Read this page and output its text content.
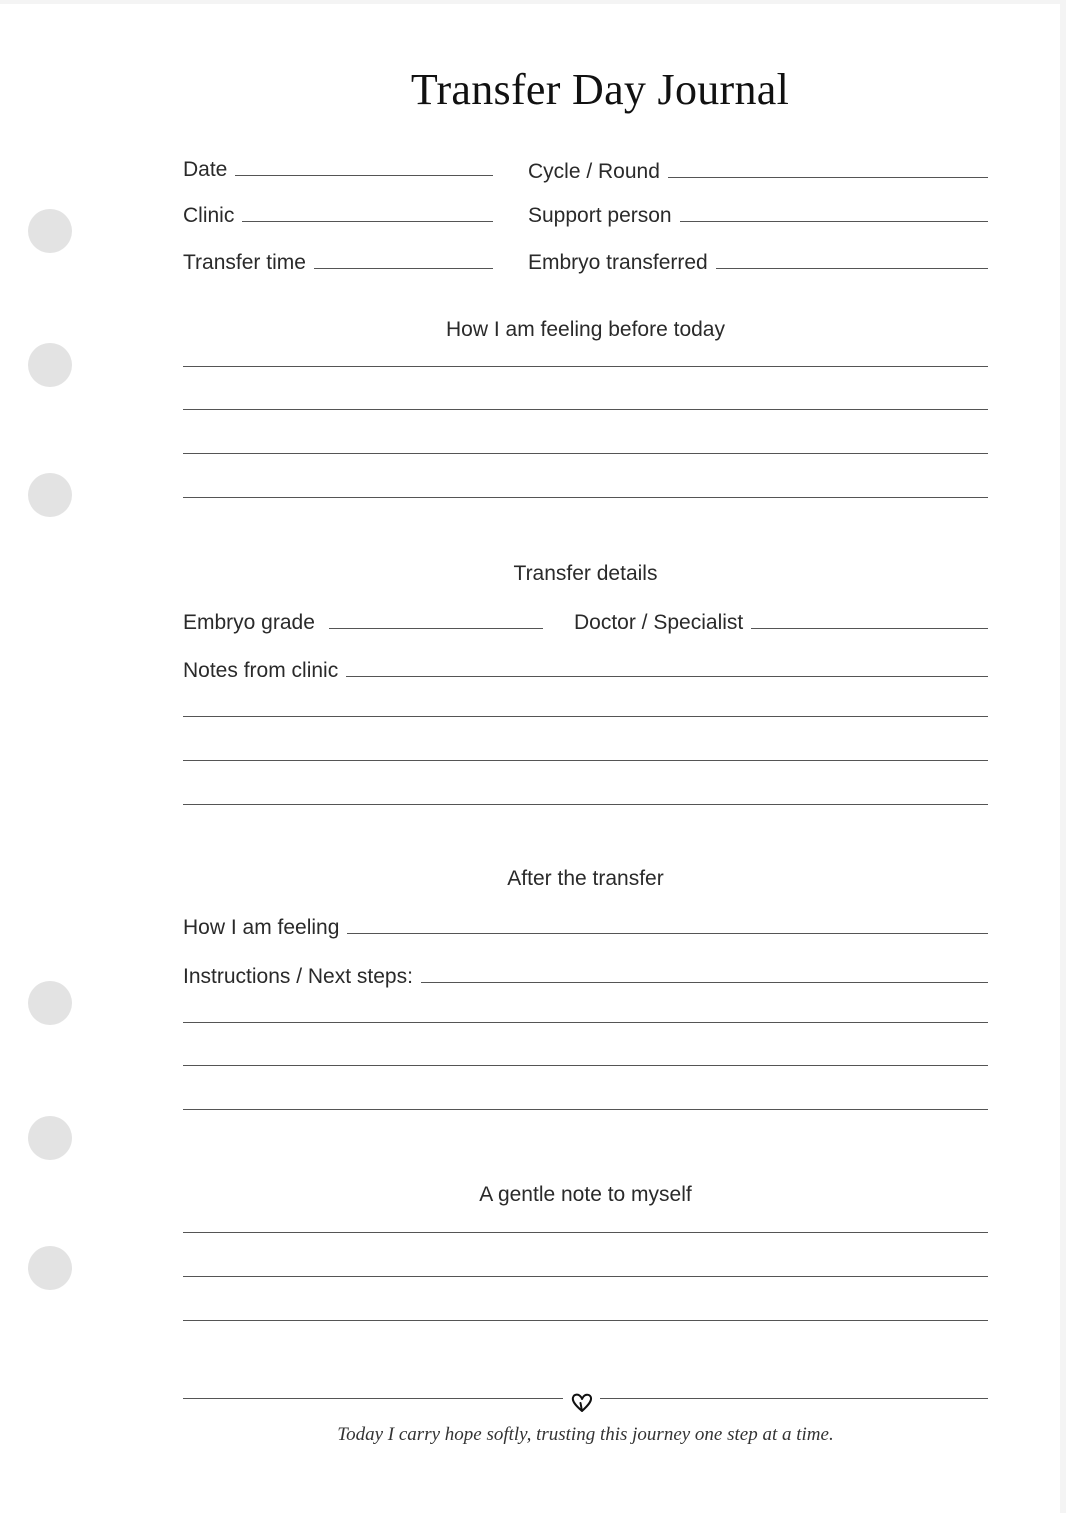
Transfer Day Journal
Date	Cycle / Round
Clinic	Support person
Transfer time	Embryo transferred
How I am feeling before today
Transfer details
Embryo grade	Doctor / Specialist
Notes from clinic
After the transfer
How I am feeling
Instructions / Next steps:
A gentle note to myself
Today I carry hope softly, trusting this journey one step at a time.
